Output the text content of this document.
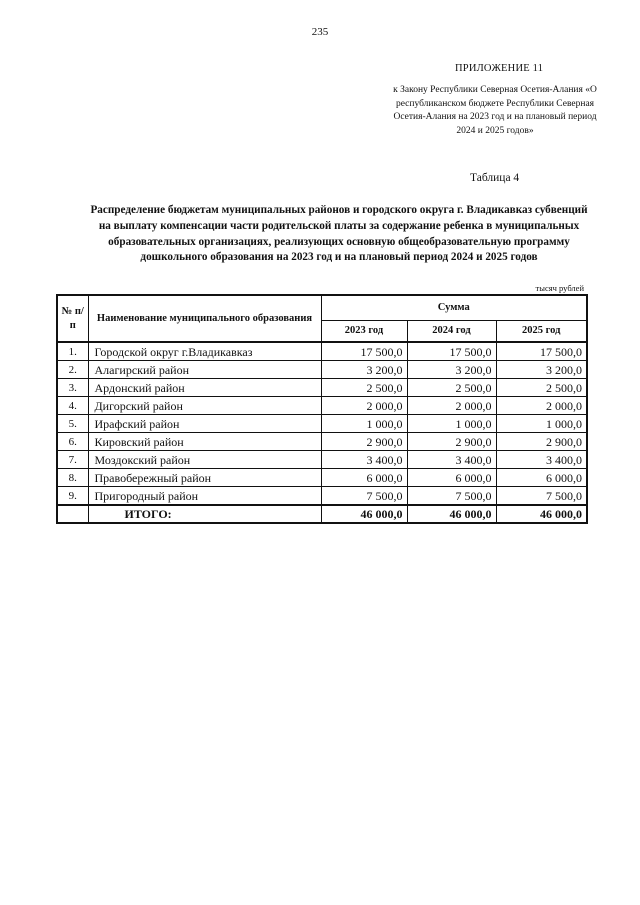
235
ПРИЛОЖЕНИЕ 11
к Закону Республики Северная Осетия-Алания «О республиканском бюджете Республики Северная Осетия-Алания на 2023 год и на плановый период 2024 и 2025 годов»
Таблица 4
Распределение бюджетам муниципальных районов и городского округа г. Владикавказ субвенций на выплату компенсации части родительской платы за содержание ребенка в муниципальных образовательных организациях, реализующих основную общеобразовательную программу дошкольного образования на 2023 год и на плановый период 2024 и 2025 годов
тысяч рублей
№ п/п	Наименование муниципального образования	Сумма		
		2023 год	2024 год	2025 год
1.	Городской округ г.Владикавказ	17 500,0	17 500,0	17 500,0
2.	Алагирский район	3 200,0	3 200,0	3 200,0
3.	Ардонский район	2 500,0	2 500,0	2 500,0
4.	Дигорский район	2 000,0	2 000,0	2 000,0
5.	Ирафский район	1 000,0	1 000,0	1 000,0
6.	Кировский район	2 900,0	2 900,0	2 900,0
7.	Моздокский район	3 400,0	3 400,0	3 400,0
8.	Правобережный район	6 000,0	6 000,0	6 000,0
9.	Пригородный район	7 500,0	7 500,0	7 500,0
	ИТОГО:	46 000,0	46 000,0	46 000,0
